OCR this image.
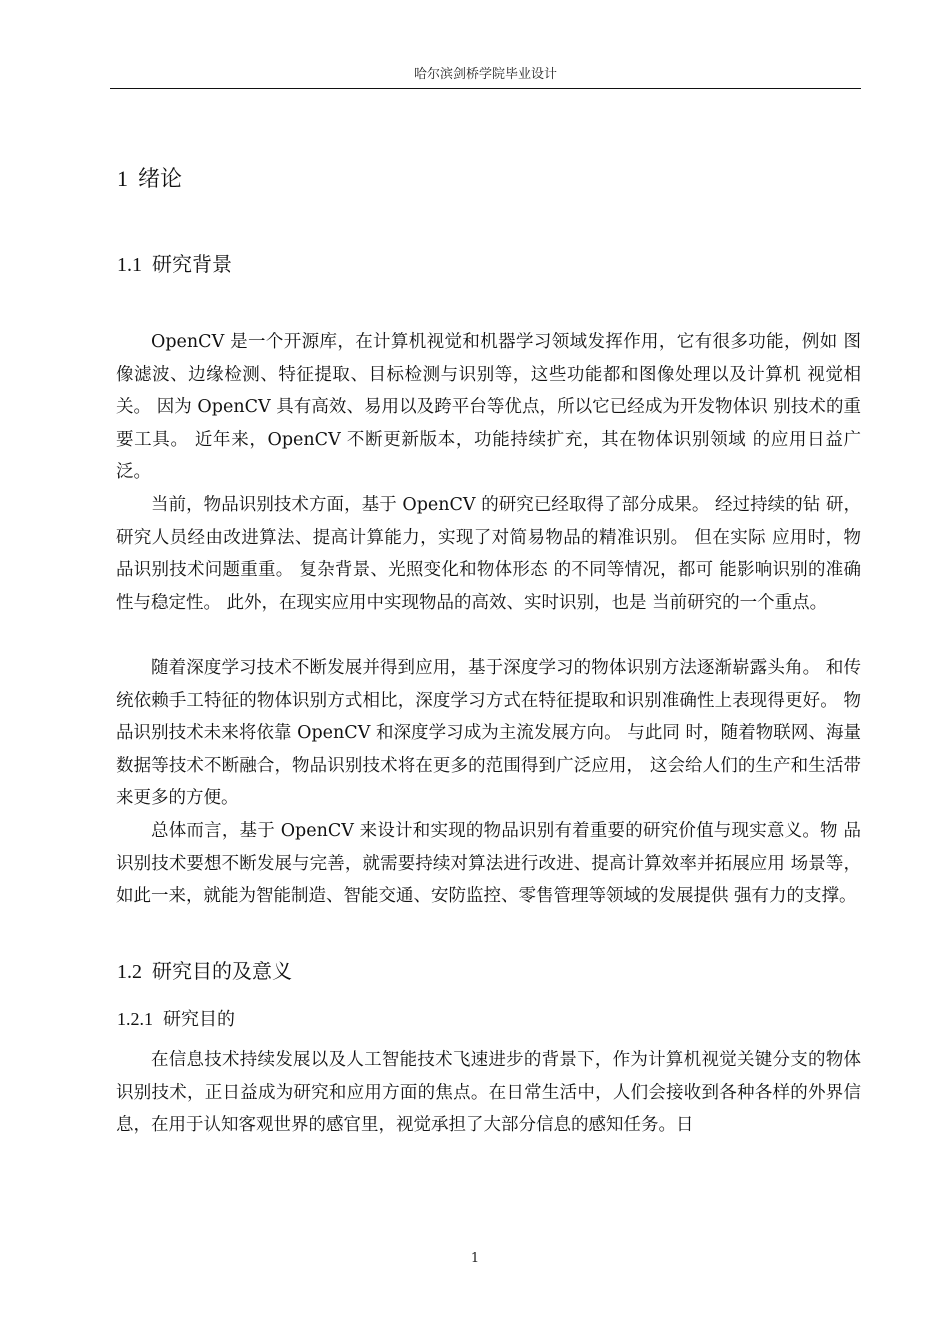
哈尔滨剑桥学院毕业设计
1 绪论
1.1 研究背景

OpenCV 是一个开源库，在计算机视觉和机器学习领域发挥作用，它有很多功能，例如 图像滤波、边缘检测、特征提取、目标检测与识别等，这些功能都和图像处理以及计算机 视觉相关。 因为 OpenCV 具有高效、易用以及跨平台等优点，所以它已经成为开发物体识 别技术的重要工具。 近年来，OpenCV 不断更新版本，功能持续扩充，其在物体识别领域 的应用日益广泛。

当前，物品识别技术方面，基于 OpenCV 的研究已经取得了部分成果。 经过持续的钻 研，研究人员经由改进算法、提高计算能力，实现了对简易物品的精准识别。 但在实际 应用时，物品识别技术问题重重。 复杂背景、光照变化和物体形态 的不同等情况，都可 能影响识别的准确性与稳定性。 此外，在现实应用中实现物品的高效、实时识别，也是 当前研究的一个重点。

随着深度学习技术不断发展并得到应用，基于深度学习的物体识别方法逐渐崭露头角。 和传统依赖手工特征的物体识别方式相比，深度学习方式在特征提取和识别准确性上表现得更好。 物品识别技术未来将依靠 OpenCV 和深度学习成为主流发展方向。 与此同 时，随着物联网、海量数据等技术不断融合，物品识别技术将在更多的范围得到广泛应用， 这会给人们的生产和生活带来更多的方便。

总体而言，基于 OpenCV 来设计和实现的物品识别有着重要的研究价值与现实意义。物 品识别技术要想不断发展与完善，就需要持续对算法进行改进、提高计算效率并拓展应用 场景等，如此一来，就能为智能制造、智能交通、安防监控、零售管理等领域的发展提供 强有力的支撑。

1.2 研究目的及意义
1.2.1 研究目的

在信息技术持续发展以及人工智能技术飞速进步的背景下，作为计算机视觉关键分支的物体识别技术，正日益成为研究和应用方面的焦点。在日常生活中，人们会接收到各种各样的外界信息，在用于认知客观世界的感官里，视觉承担了大部分信息的感知任务。日

1
